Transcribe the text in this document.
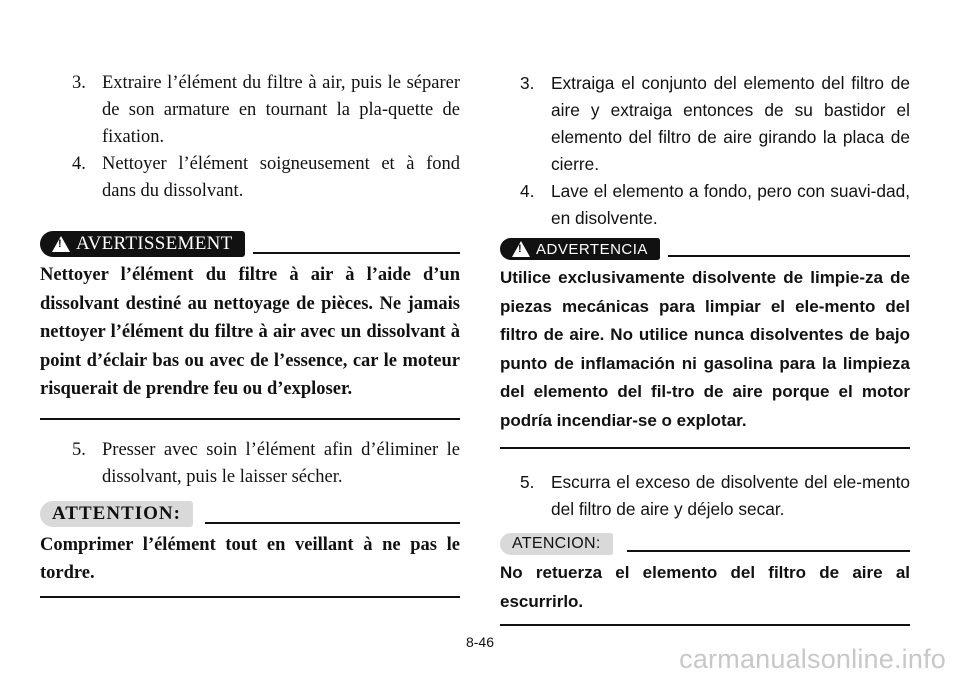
3. Extraire l’élément du filtre à air, puis le séparer de son armature en tournant la pla-quette de fixation.

4. Nettoyer l’élément soigneusement et à fond dans du dissolvant.

!
AVERTISSEMENT

Nettoyer l’élément du filtre à air à l’aide d’un dissolvant destiné au nettoyage de pièces. Ne jamais nettoyer l’élément du filtre à air avec un dissolvant à point d’éclair bas ou avec de l’essence, car le moteur risquerait de prendre feu ou d’exploser.

5. Presser avec soin l’élément afin d’éliminer le dissolvant, puis le laisser sécher.

ATTENTION:

Comprimer l’élément tout en veillant à ne pas le tordre.

3. Extraiga el conjunto del elemento del filtro de aire y extraiga entonces de su bastidor el elemento del filtro de aire girando la placa de cierre.

4. Lave el elemento a fondo, pero con suavi-dad, en disolvente.

!
ADVERTENCIA

Utilice exclusivamente disolvente de limpie-za de piezas mecánicas para limpiar el ele-mento del filtro de aire. No utilice nunca disolventes de bajo punto de inflamación ni gasolina para la limpieza del elemento del fil-tro de aire porque el motor podría incendiar-se o explotar.

5. Escurra el exceso de disolvente del ele-mento del filtro de aire y déjelo secar.

ATENCION:

No retuerza el elemento del filtro de aire al escurrirlo.

8-46
carmanualsonline.info
